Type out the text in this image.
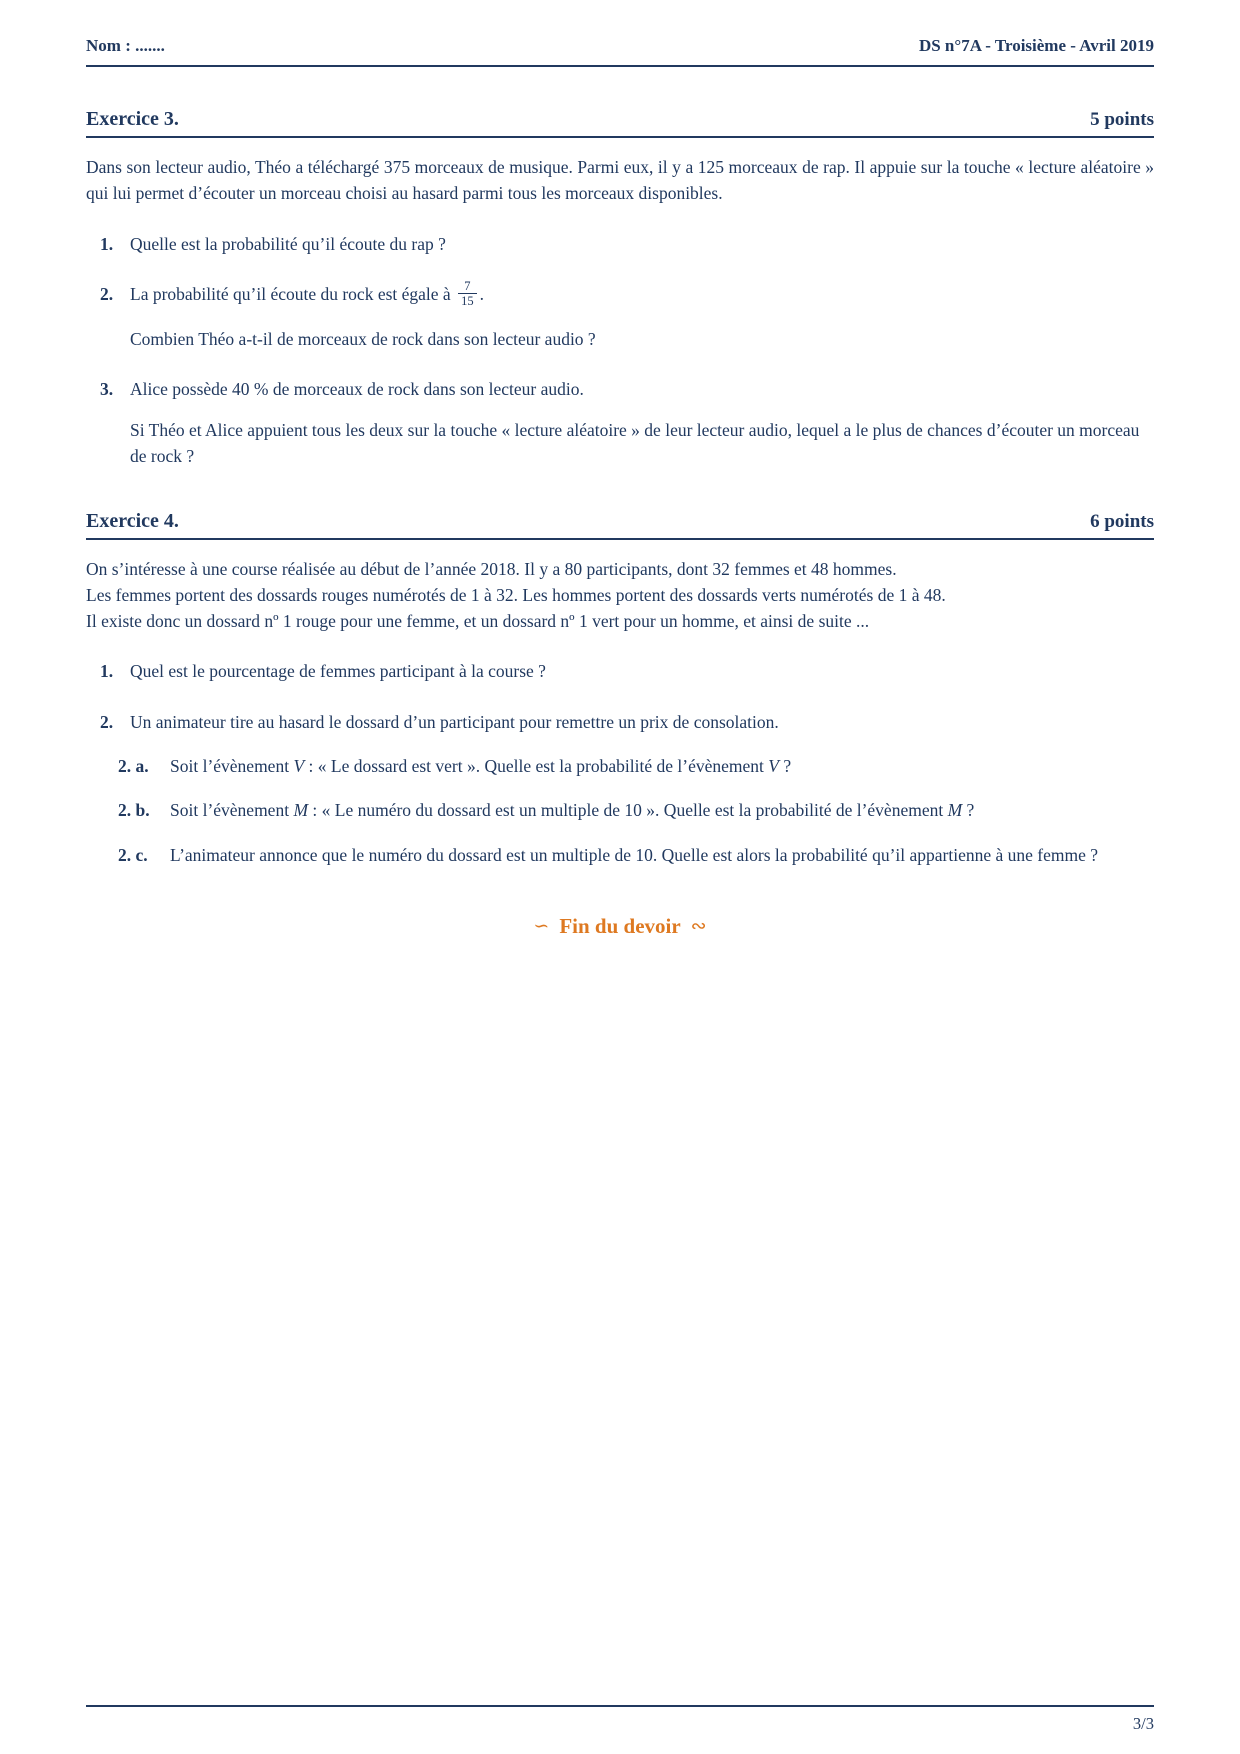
Nom : .......	DS n°7A - Troisième - Avril 2019
Exercice 3.	5 points

Dans son lecteur audio, Théo a téléchargé 375 morceaux de musique. Parmi eux, il y a 125 morceaux de rap. Il appuie sur la touche « lecture aléatoire » qui lui permet d’écouter un morceau choisi au hasard parmi tous les morceaux disponibles.

1. Quelle est la probabilité qu’il écoute du rap ?
2. La probabilité qu’il écoute du rock est égale à $\frac{7}{15}$ .
Combien Théo a-t-il de morceaux de rock dans son lecteur audio ?
3. Alice possède 40 % de morceaux de rock dans son lecteur audio.
Si Théo et Alice appuient tous les deux sur la touche « lecture aléatoire » de leur lecteur audio, lequel a le plus de chances d’écouter un morceau de rock ?
Exercice 4.	6 points
On s’intéresse à une course réalisée au début de l’année 2018. Il y a 80 participants, dont 32 femmes et 48 hommes.
Les femmes portent des dossards rouges numérotés de 1 à 32. Les hommes portent des dossards verts numérotés de 1 à 48.
Il existe donc un dossard nº 1 rouge pour une femme, et un dossard nº 1 vert pour un homme, et ainsi de suite ...
1. Quel est le pourcentage de femmes participant à la course ?
2. Un animateur tire au hasard le dossard d’un participant pour remettre un prix de consolation.
2. a.	Soit l’évènement V : « Le dossard est vert ». Quelle est la probabilité de l’évènement V ?
2. b.	Soit l’évènement M : « Le numéro du dossard est un multiple de 10 ». Quelle est la probabilité de l’évènement M ?
2. c.	L’animateur annonce que le numéro du dossard est un multiple de 10. Quelle est alors la probabilité qu’il appartienne à une femme ?
∽ Fin du devoir ∾
3/3
